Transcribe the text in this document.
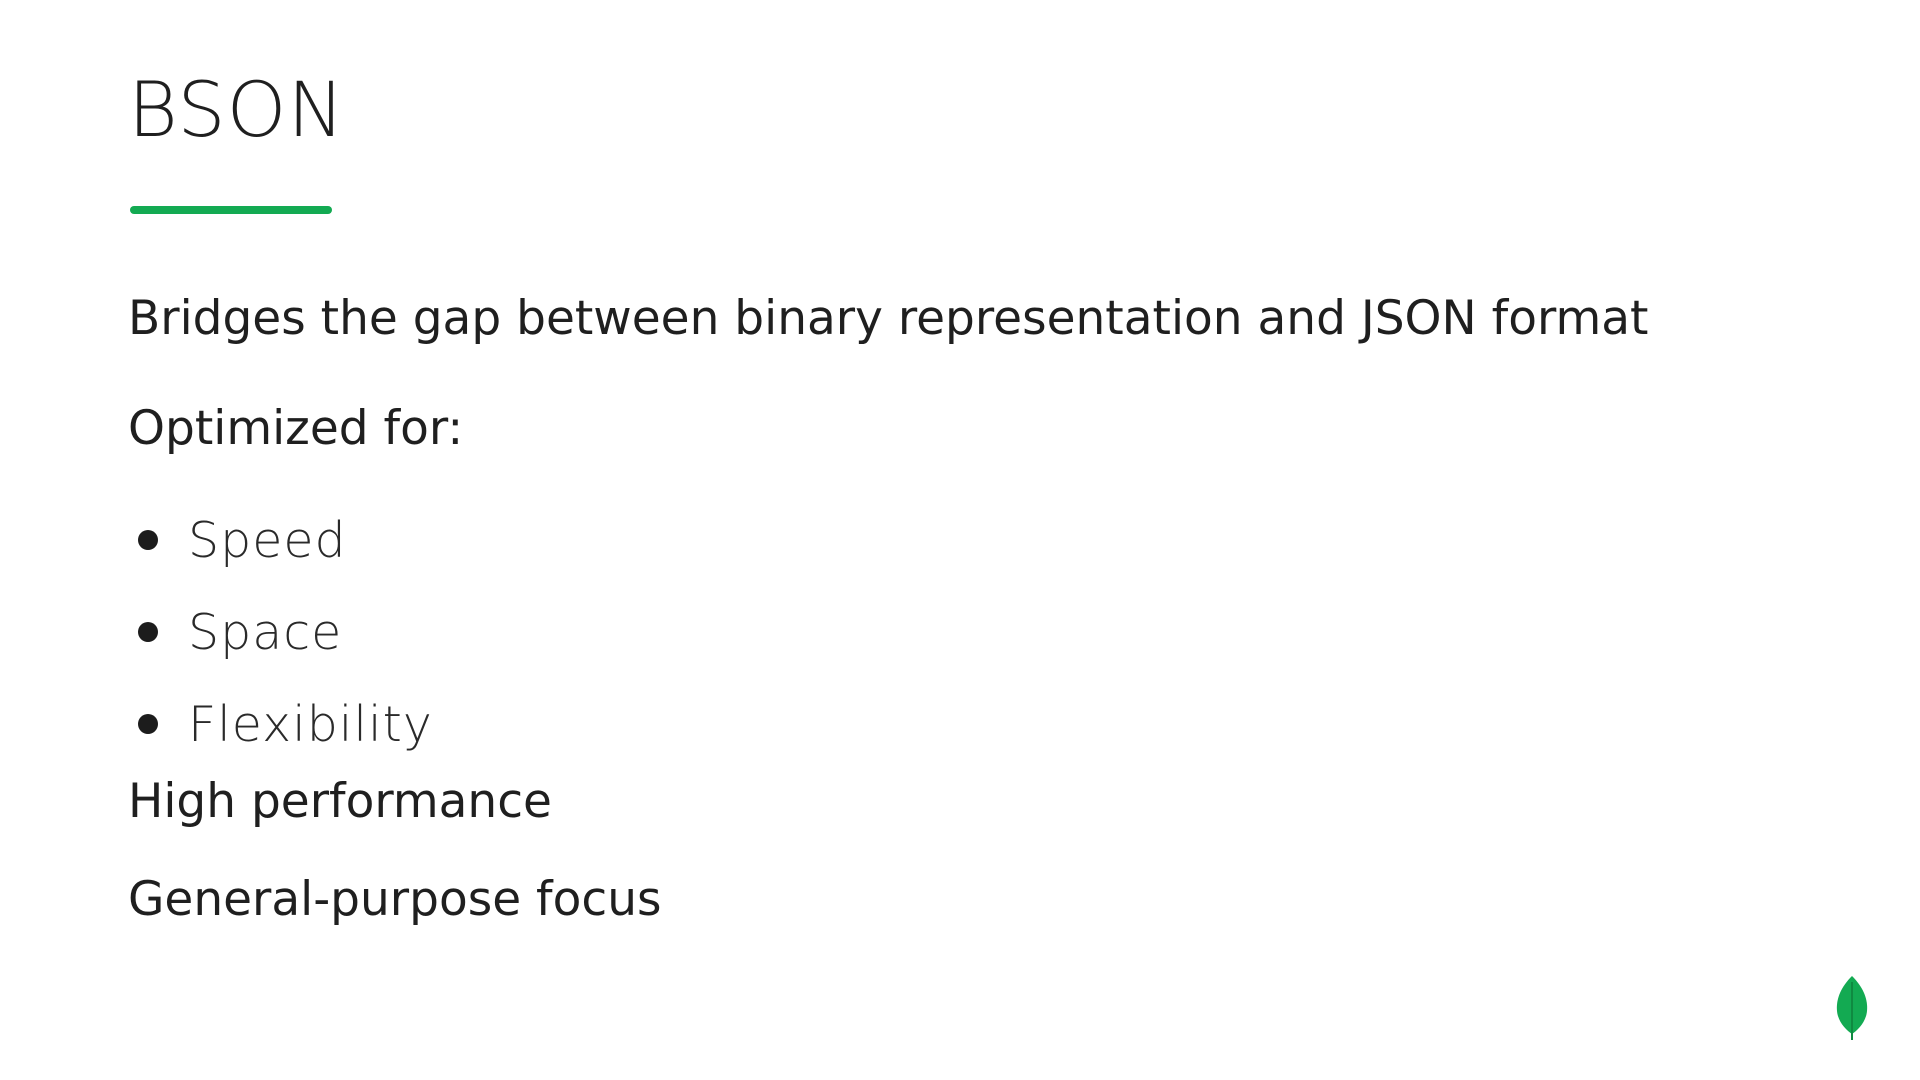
BSON
Bridges the gap between binary representation and JSON format
Optimized for:
Speed
Space
Flexibility
High performance
General-purpose focus
